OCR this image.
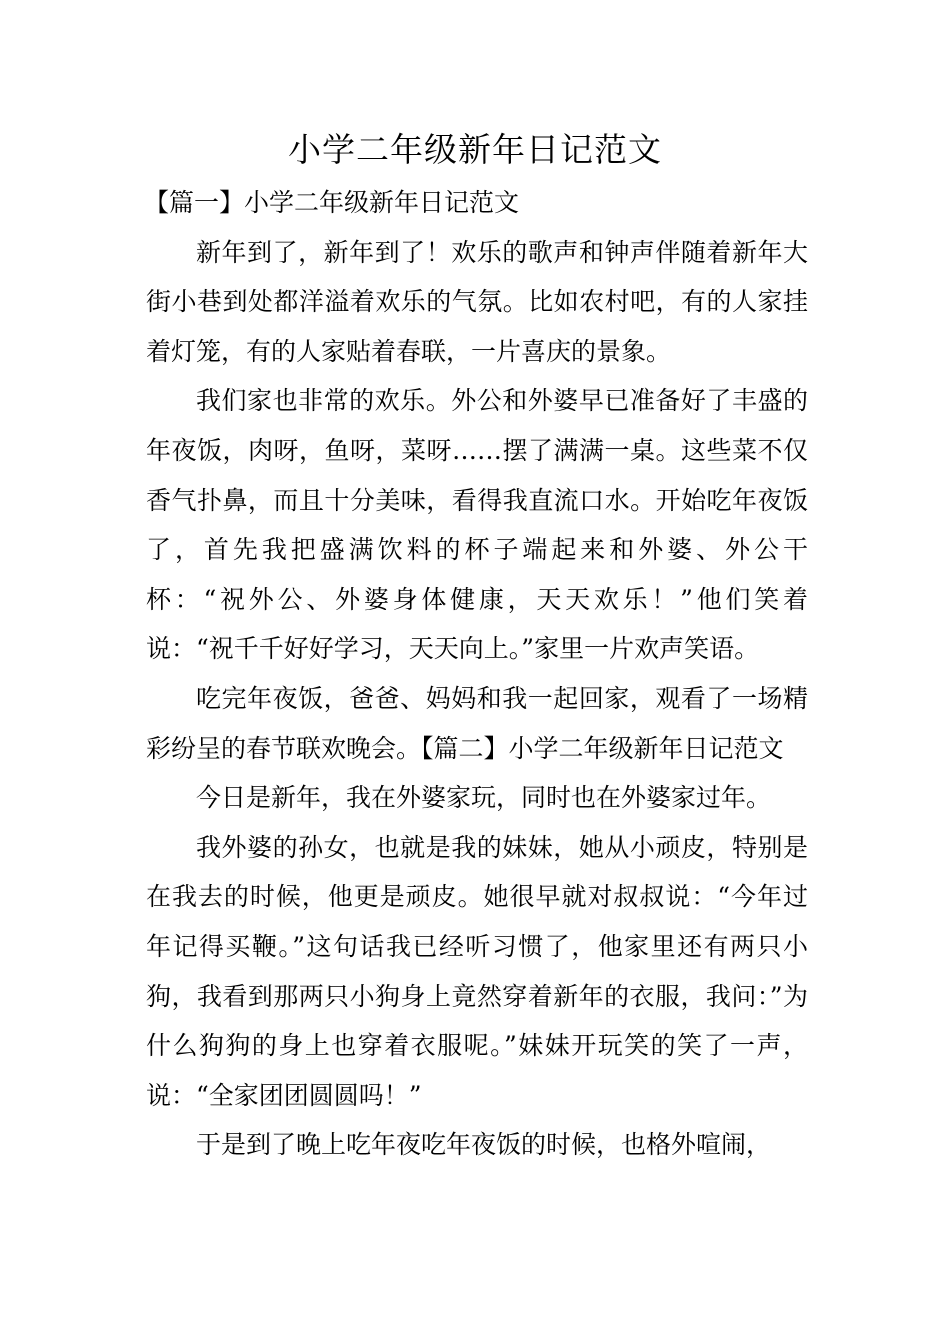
小学二年级新年日记范文

【篇一】小学二年级新年日记范文

新年到了，新年到了！欢乐的歌声和钟声伴随着新年大街小巷到处都洋溢着欢乐的气氛。比如农村吧，有的人家挂着灯笼，有的人家贴着春联，一片喜庆的景象。

我们家也非常的欢乐。外公和外婆早已准备好了丰盛的年夜饭，肉呀，鱼呀，菜呀……摆了满满一桌。这些菜不仅香气扑鼻，而且十分美味，看得我直流口水。开始吃年夜饭了，首先我把盛满饮料的杯子端起来和外婆、外公干杯：“祝外公、外婆身体健康，天天欢乐！”他们笑着说：“祝千千好好学习，天天向上。”家里一片欢声笑语。

吃完年夜饭，爸爸、妈妈和我一起回家，观看了一场精彩纷呈的春节联欢晚会。【篇二】小学二年级新年日记范文

今日是新年，我在外婆家玩，同时也在外婆家过年。

我外婆的孙女，也就是我的妹妹，她从小顽皮，特别是在我去的时候，他更是顽皮。她很早就对叔叔说：“今年过年记得买鞭。”这句话我已经听习惯了，他家里还有两只小狗，我看到那两只小狗身上竟然穿着新年的衣服，我问：”为什么狗狗的身上也穿着衣服呢。”妹妹开玩笑的笑了一声，说：“全家团团圆圆吗！”

于是到了晚上吃年夜吃年夜饭的时候，也格外喧闹，
